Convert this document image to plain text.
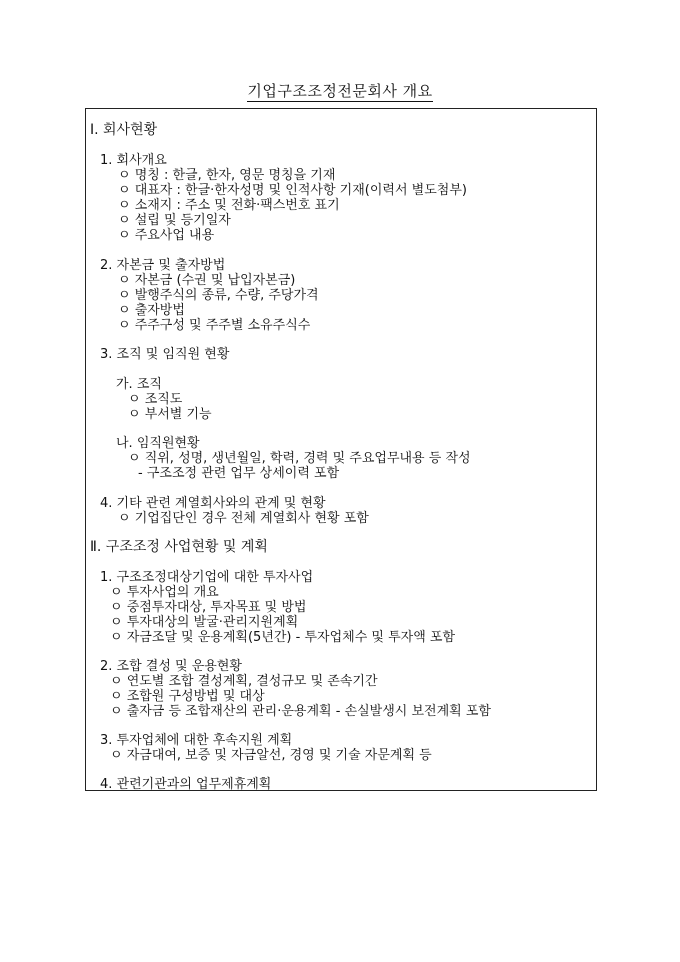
기업구조조정전문회사 개요
Ⅰ. 회사현황
1. 회사개요
ㅇ 명칭 : 한글, 한자, 영문 명칭을 기재
ㅇ 대표자 : 한글·한자성명 및 인적사항 기재(이력서 별도첨부)
ㅇ 소재지 : 주소 및 전화·팩스번호 표기
ㅇ 설립 및 등기일자
ㅇ 주요사업 내용
2. 자본금 및 출자방법
ㅇ 자본금 (수권 및 납입자본금)
ㅇ 발행주식의 종류, 수량, 주당가격
ㅇ 출자방법
ㅇ 주주구성 및 주주별 소유주식수
3. 조직 및 임직원 현황
가. 조직
ㅇ 조직도
ㅇ 부서별 기능
나. 임직원현황
ㅇ 직위, 성명, 생년월일, 학력, 경력 및 주요업무내용 등 작성
- 구조조정 관련 업무 상세이력 포함
4. 기타 관련 계열회사와의 관계 및 현황
ㅇ 기업집단인 경우 전체 계열회사 현황 포함
Ⅱ. 구조조정 사업현황 및 계획
1. 구조조정대상기업에 대한 투자사업
ㅇ 투자사업의 개요
ㅇ 중점투자대상, 투자목표 및 방법
ㅇ 투자대상의 발굴·관리지원계획
ㅇ 자금조달 및 운용계획(5년간) - 투자업체수 및 투자액 포함
2. 조합 결성 및 운용현황
ㅇ 연도별 조합 결성계획, 결성규모 및 존속기간
ㅇ 조합원 구성방법 및 대상
ㅇ 출자금 등 조합재산의 관리·운용계획 - 손실발생시 보전계획 포함
3. 투자업체에 대한 후속지원 계획
ㅇ 자금대여, 보증 및 자금알선, 경영 및 기술 자문계획 등
4. 관련기관과의 업무제휴계획
